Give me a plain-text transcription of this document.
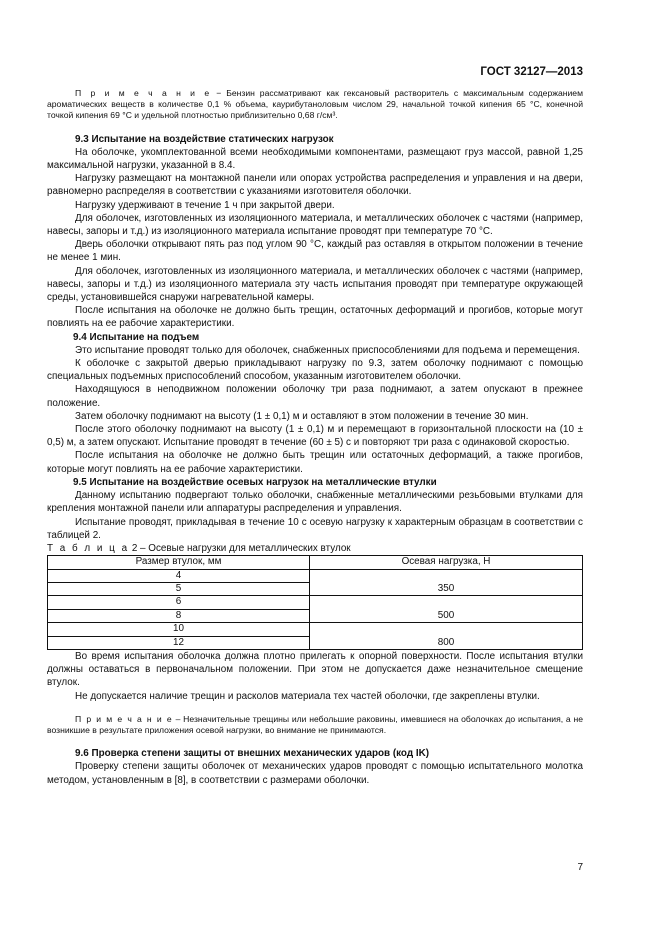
ГОСТ 32127—2013

П р и м е ч а н и е − Бензин рассматривают как гексановый растворитель с максимальным содержанием ароматических веществ в количестве 0,1 % объема, каурибутаноловым числом 29, начальной точкой кипения 65 °С, конечной точкой кипения 69 °С и удельной плотностью приблизительно 0,68 г/см³.

9.3 Испытание на воздействие статических нагрузок

На оболочке, укомплектованной всеми необходимыми компонентами, размещают груз массой, равной 1,25 максимальной нагрузки, указанной в 8.4.

Нагрузку размещают на монтажной панели или опорах устройства распределения и управления и на двери, равномерно распределяя в соответствии с указаниями изготовителя оболочки.

Нагрузку удерживают в течение 1 ч при закрытой двери.

Для оболочек, изготовленных из изоляционного материала, и металлических оболочек с частями (например, навесы, запоры и т.д.) из изоляционного материала испытание проводят при температуре 70 °С.

Дверь оболочки открывают пять раз под углом 90 °С, каждый раз оставляя в открытом положении в течение не менее 1 мин.

Для оболочек, изготовленных из изоляционного материала, и металлических оболочек с частями (например, навесы, запоры и т.д.) из изоляционного материала эту часть испытания проводят при температуре окружающей среды, установившейся снаружи нагревательной камеры.

После испытания на оболочке не должно быть трещин, остаточных деформаций и прогибов, которые могут повлиять на ее рабочие характеристики.

9.4 Испытание на подъем

Это испытание проводят только для оболочек, снабженных приспособлениями для подъема и перемещения.

К оболочке с закрытой дверью прикладывают нагрузку по 9.3, затем оболочку поднимают с помощью специальных подъемных приспособлений способом, указанным изготовителем оболочки.

Находящуюся в неподвижном положении оболочку три раза поднимают, а затем опускают в прежнее положение.

Затем оболочку поднимают на высоту (1 ± 0,1) м и оставляют в этом положении в течение 30 мин.

После этого оболочку поднимают на высоту (1 ± 0,1) м и перемещают в горизонтальной плоскости на (10 ± 0,5) м, а затем опускают. Испытание проводят в течение (60 ± 5) с и повторяют три раза с одинаковой скоростью.

После испытания на оболочке не должно быть трещин или остаточных деформаций, а также прогибов, которые могут повлиять на ее рабочие характеристики.

9.5 Испытание на воздействие осевых нагрузок на металлические втулки

Данному испытанию подвергают только оболочки, снабженные металлическими резьбовыми втулками для крепления монтажной панели или аппаратуры распределения и управления.

Испытание проводят, прикладывая в течение 10 с осевую нагрузку к характерным образцам в соответствии с таблицей 2.

Т а б л и ц а 2 – Осевые нагрузки для металлических втулок

Размер втулок, мм	Осевая нагрузка, Н
4	350
5	
6	500
8	
10	800
12	

Во время испытания оболочка должна плотно прилегать к опорной поверхности. После испытания втулки должны оставаться в первоначальном положении. При этом не допускается даже незначительное смещение втулок.

Не допускается наличие трещин и расколов материала тех частей оболочки, где закреплены втулки.

П р и м е ч а н и е – Незначительные трещины или небольшие раковины, имевшиеся на оболочках до испытания, а не возникшие в результате приложения осевой нагрузки, во внимание не принимаются.

9.6 Проверка степени защиты от внешних механических ударов (код IK)

Проверку степени защиты оболочек от механических ударов проводят с помощью испытательного молотка методом, установленным в [8], в соответствии с размерами оболочки.

7
